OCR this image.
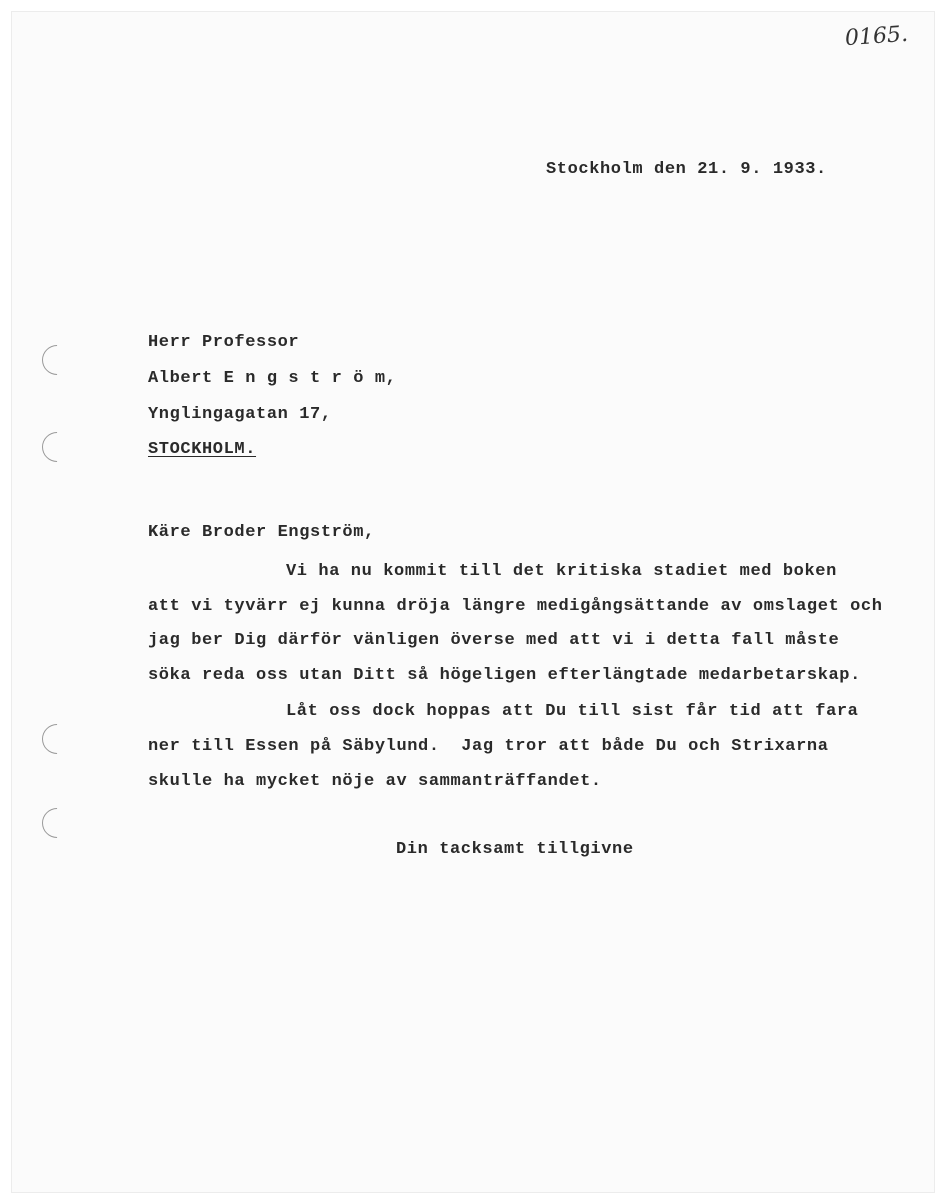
0165.
Stockholm den 21. 9. 1933.
Herr Professor
Albert E n g s t r ö m,
Ynglingagatan 17,
STOCKHOLM.
Käre Broder Engström,
Vi ha nu kommit till det kritiska stadiet med boken
att vi tyvärr ej kunna dröja längre medigångsättande av omslaget och
jag ber Dig därför vänligen överse med att vi i detta fall måste
söka reda oss utan Ditt så högeligen efterlängtade medarbetarskap.
Låt oss dock hoppas att Du till sist får tid att fara
ner till Essen på Säbylund.  Jag tror att både Du och Strixarna
skulle ha mycket nöje av sammanträffandet.
Din tacksamt tillgivne
